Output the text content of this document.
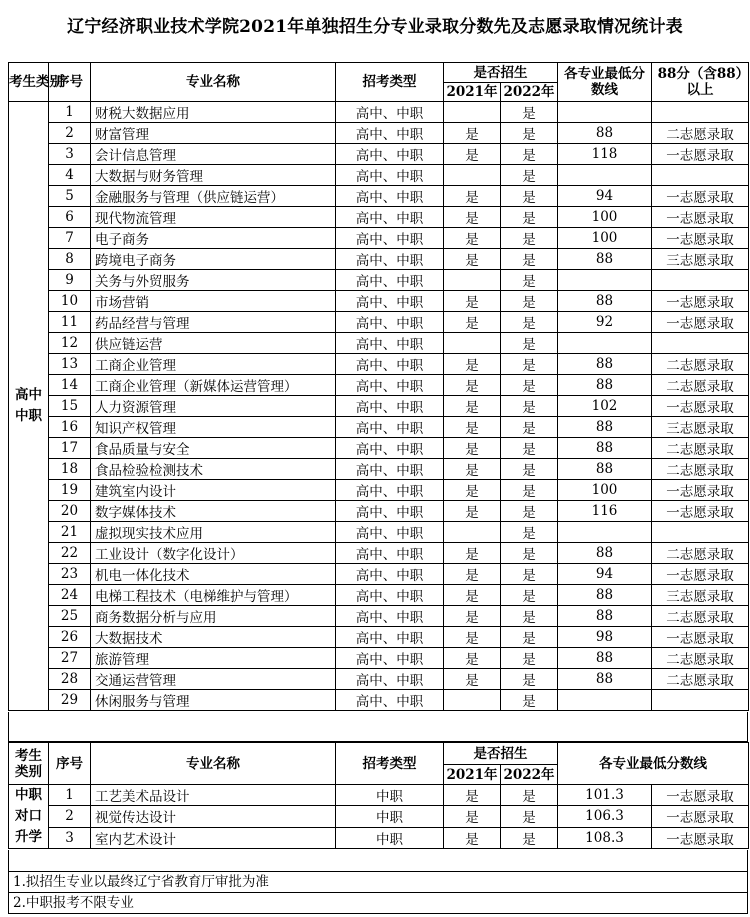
辽宁经济职业技术学院2021年单独招生分专业录取分数先及志愿录取情况统计表
考生类别	序号	专业名称	招考类型	是否招生		各专业最低分数线	88分（含88）以上
				2021年	2022年		
高中中职	1	财税大数据应用	高中、中职		是		
	2	财富管理	高中、中职	是	是	88	二志愿录取
	3	会计信息管理	高中、中职	是	是	118	一志愿录取
	4	大数据与财务管理	高中、中职		是		
	5	金融服务与管理（供应链运营）	高中、中职	是	是	94	一志愿录取
	6	现代物流管理	高中、中职	是	是	100	一志愿录取
	7	电子商务	高中、中职	是	是	100	一志愿录取
	8	跨境电子商务	高中、中职	是	是	88	三志愿录取
	9	关务与外贸服务	高中、中职		是		
	10	市场营销	高中、中职	是	是	88	一志愿录取
	11	药品经营与管理	高中、中职	是	是	92	一志愿录取
	12	供应链运营	高中、中职		是		
	13	工商企业管理	高中、中职	是	是	88	二志愿录取
	14	工商企业管理（新媒体运营管理）	高中、中职	是	是	88	二志愿录取
	15	人力资源管理	高中、中职	是	是	102	一志愿录取
	16	知识产权管理	高中、中职	是	是	88	三志愿录取
	17	食品质量与安全	高中、中职	是	是	88	二志愿录取
	18	食品检验检测技术	高中、中职	是	是	88	二志愿录取
	19	建筑室内设计	高中、中职	是	是	100	一志愿录取
	20	数字媒体技术	高中、中职	是	是	116	一志愿录取
	21	虚拟现实技术应用	高中、中职		是		
	22	工业设计（数字化设计）	高中、中职	是	是	88	二志愿录取
	23	机电一体化技术	高中、中职	是	是	94	一志愿录取
	24	电梯工程技术（电梯维护与管理）	高中、中职	是	是	88	三志愿录取
	25	商务数据分析与应用	高中、中职	是	是	88	二志愿录取
	26	大数据技术	高中、中职	是	是	98	一志愿录取
	27	旅游管理	高中、中职	是	是	88	二志愿录取
	28	交通运营管理	高中、中职	是	是	88	二志愿录取
	29	休闲服务与管理	高中、中职		是		
考生类别	序号	专业名称	招考类型	是否招生		各专业最低分数线	
				2021年	2022年		
中职对口升学	1	工艺美术品设计	中职	是	是	101.3	一志愿录取
	2	视觉传达设计	中职	是	是	106.3	一志愿录取
	3	室内艺术设计	中职	是	是	108.3	一志愿录取
1.拟招生专业以最终辽宁省教育厅审批为准
2.中职报考不限专业
